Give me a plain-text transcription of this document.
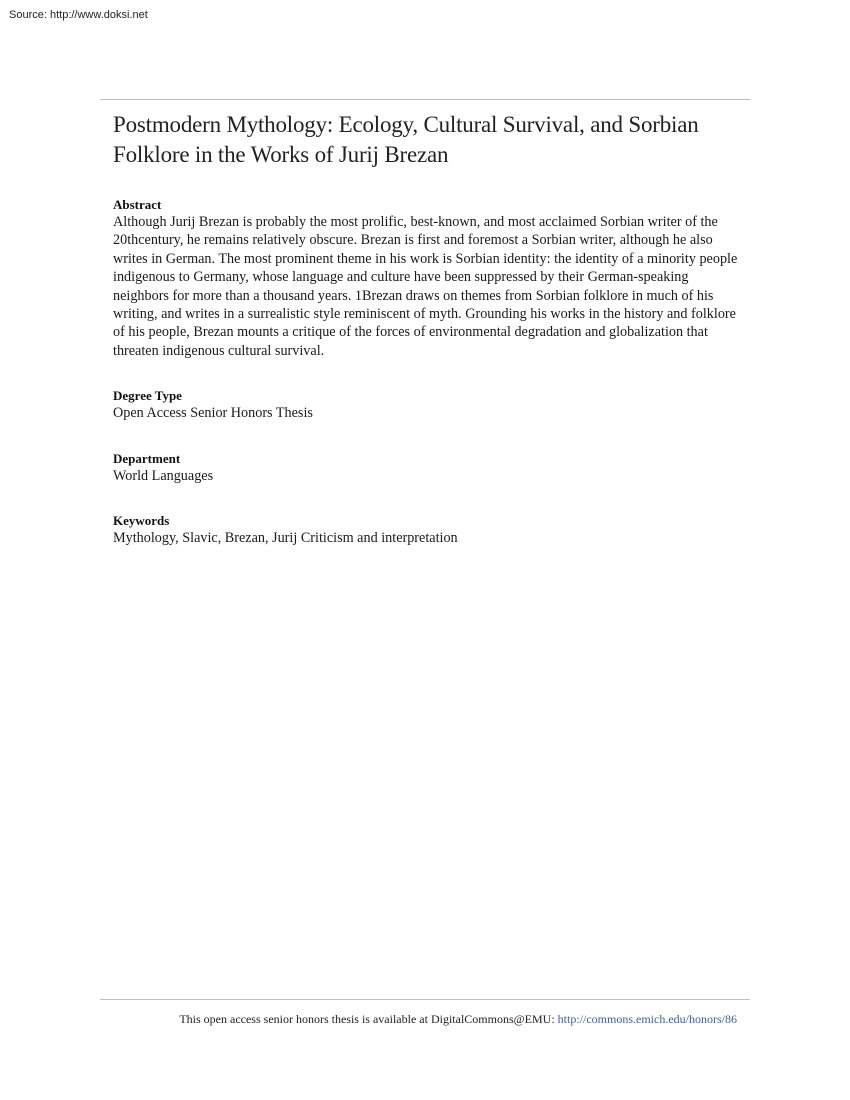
Source: http://www.doksi.net
Postmodern Mythology: Ecology, Cultural Survival, and Sorbian Folklore in the Works of Jurij Brezan
Abstract
Although Jurij Brezan is probably the most prolific, best-known, and most acclaimed Sorbian writer of the 20thcentury, he remains relatively obscure. Brezan is first and foremost a Sorbian writer, although he also writes in German. The most prominent theme in his work is Sorbian identity: the identity of a minority people indigenous to Germany, whose language and culture have been suppressed by their German-speaking neighbors for more than a thousand years. 1Brezan draws on themes from Sorbian folklore in much of his writing, and writes in a surrealistic style reminiscent of myth. Grounding his works in the history and folklore of his people, Brezan mounts a critique of the forces of environmental degradation and globalization that threaten indigenous cultural survival.
Degree Type
Open Access Senior Honors Thesis
Department
World Languages
Keywords
Mythology, Slavic, Brezan, Jurij Criticism and interpretation
This open access senior honors thesis is available at DigitalCommons@EMU: http://commons.emich.edu/honors/86
